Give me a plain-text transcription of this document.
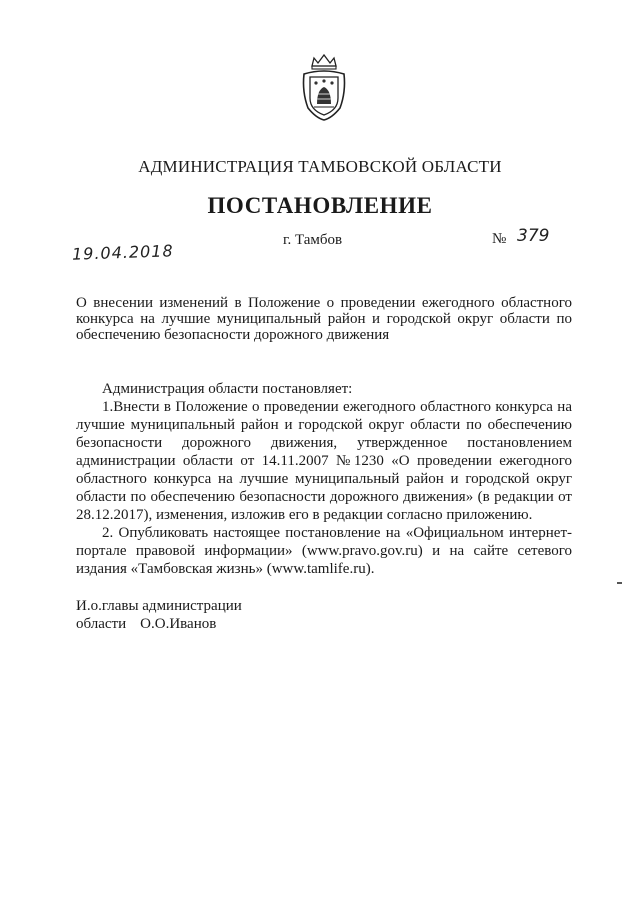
АДМИНИСТРАЦИЯ ТАМБОВСКОЙ ОБЛАСТИ
ПОСТАНОВЛЕНИЕ
19.04.2018
г. Тамбов	№ 379
О внесении изменений в Положение о проведении ежегодного областного конкурса на лучшие муниципальный район и городской округ области по обеспечению безопасности дорожного движения

Администрация области постановляет:

1.Внести в Положение о проведении ежегодного областного конкурса на лучшие муниципальный район и городской округ области по обеспечению безопасности дорожного движения, утвержденное постановлением администрации области от 14.11.2007 №1230 «О проведении ежегодного областного конкурса на лучшие муниципальный район и городской округ области по обеспечению безопасности дорожного движения» (в редакции от 28.12.2017), изменения, изложив его в редакции согласно приложению.

2. Опубликовать настоящее постановление на «Официальном интернет-портале правовой информации» (www.pravo.gov.ru) и на сайте сетевого издания «Тамбовская жизнь» (www.tamlife.ru).

И.о.главы администрации
области О.О.Иванов
